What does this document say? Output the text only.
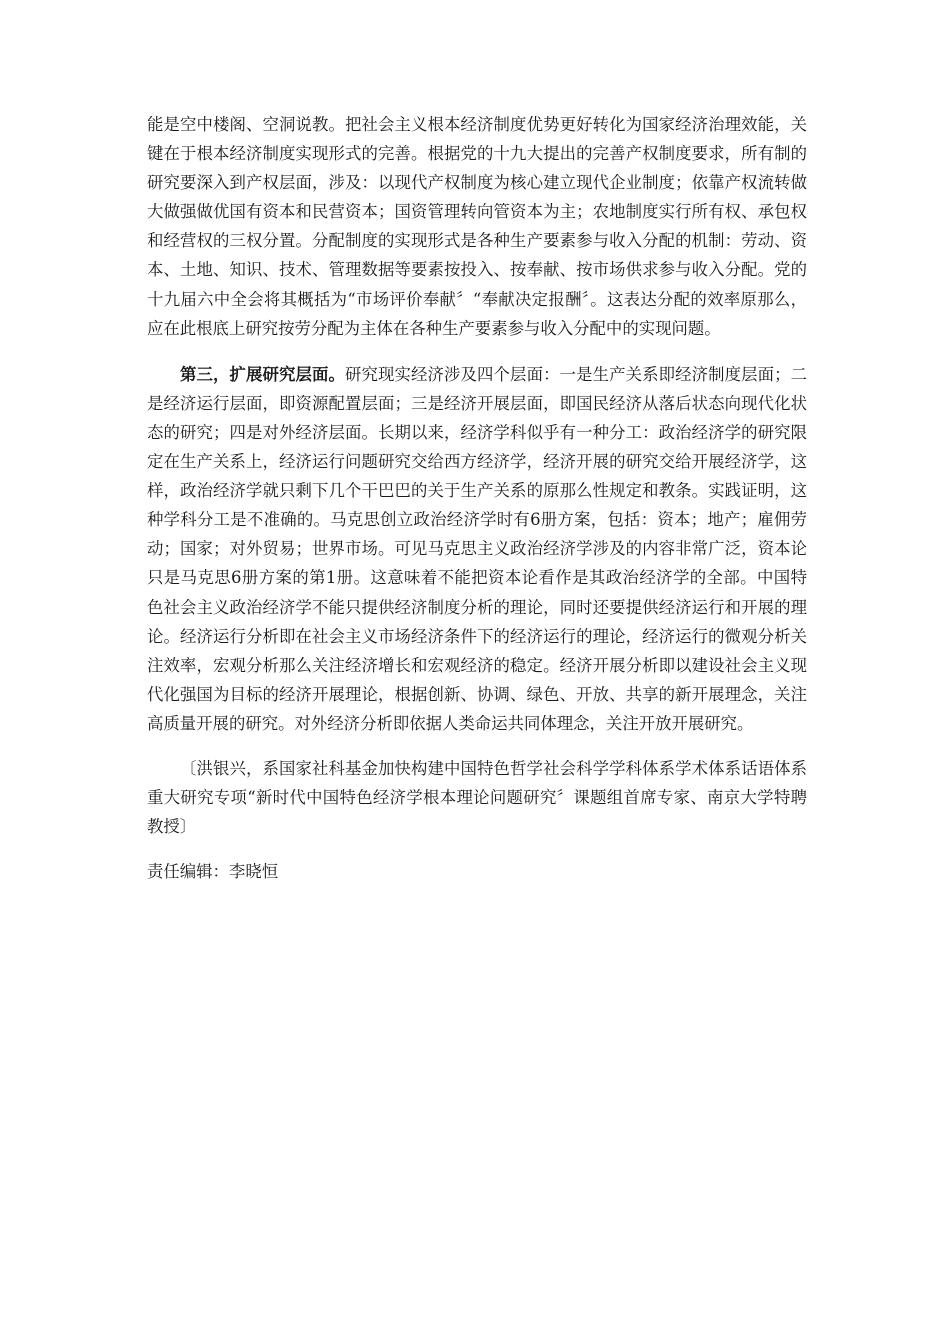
能是空中楼阁、空洞说教。把社会主义根本经济制度优势更好转化为国家经济治理效能，关键在于根本经济制度实现形式的完善。根据党的十九大提出的完善产权制度要求，所有制的研究要深入到产权层面，涉及：以现代产权制度为核心建立现代企业制度；依靠产权流转做大做强做优国有资本和民营资本；国资管理转向管资本为主；农地制度实行所有权、承包权和经营权的三权分置。分配制度的实现形式是各种生产要素参与收入分配的机制：劳动、资本、土地、知识、技术、管理数据等要素按投入、按奉献、按市场供求参与收入分配。党的十九届六中全会将其概括为“市场评价奉献〞“奉献决定报酬〞。这表达分配的效率原那么，应在此根底上研究按劳分配为主体在各种生产要素参与收入分配中的实现问题。

第三，扩展研究层面。研究现实经济涉及四个层面：一是生产关系即经济制度层面；二是经济运行层面，即资源配置层面；三是经济开展层面，即国民经济从落后状态向现代化状态的研究；四是对外经济层面。长期以来，经济学科似乎有一种分工：政治经济学的研究限定在生产关系上，经济运行问题研究交给西方经济学，经济开展的研究交给开展经济学，这样，政治经济学就只剩下几个干巴巴的关于生产关系的原那么性规定和教条。实践证明，这种学科分工是不准确的。马克思创立政治经济学时有6册方案，包括：资本；地产；雇佣劳动；国家；对外贸易；世界市场。可见马克思主义政治经济学涉及的内容非常广泛，资本论只是马克思6册方案的第1册。这意味着不能把资本论看作是其政治经济学的全部。中国特色社会主义政治经济学不能只提供经济制度分析的理论，同时还要提供经济运行和开展的理论。经济运行分析即在社会主义市场经济条件下的经济运行的理论，经济运行的微观分析关注效率，宏观分析那么关注经济增长和宏观经济的稳定。经济开展分析即以建设社会主义现代化强国为目标的经济开展理论，根据创新、协调、绿色、开放、共享的新开展理念，关注高质量开展的研究。对外经济分析即依据人类命运共同体理念，关注开放开展研究。

〔洪银兴，系国家社科基金加快构建中国特色哲学社会科学学科体系学术体系话语体系重大研究专项“新时代中国特色经济学根本理论问题研究〞课题组首席专家、南京大学特聘教授〕

责任编辑：李晓恒
